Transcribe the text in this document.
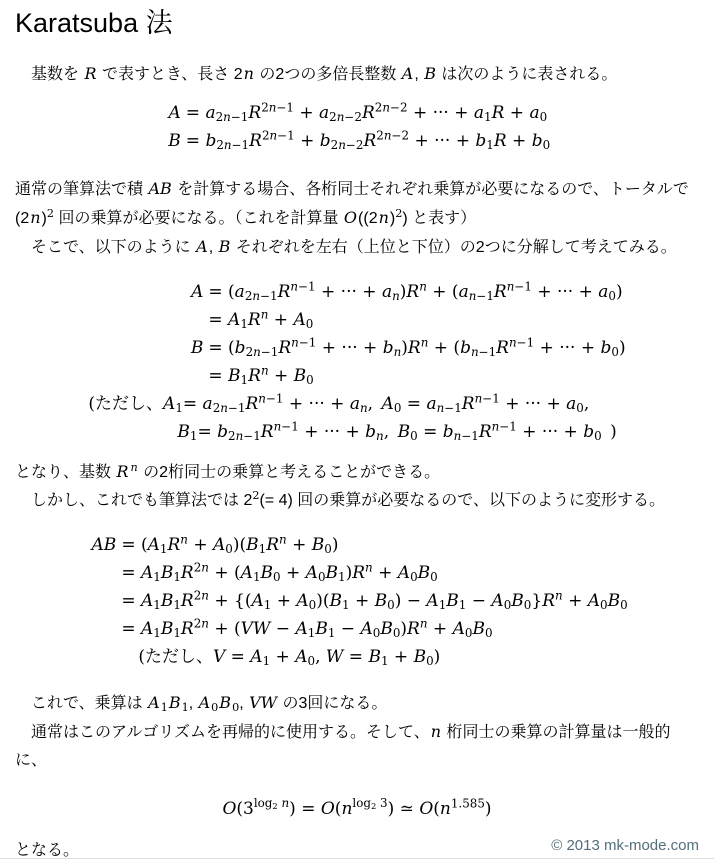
Karatsuba 法

基数を R で表すとき、長さ 2n の2つの多倍長整数 A, B は次のように表される。

$A = a_{2n-1}R^{2n-1} + a_{2n-2}R^{2n-2}$ + ··· + $a_1R + a_0$
$B = b_{2n-1}R^{2n-1} + b_{2n-2}R^{2n-2}$ + ··· + $b_1R + b_0$

通常の筆算法で積 AB を計算する場合、各桁同士それぞれ乗算が必要になるので、トータルで $(2n)^2$ 回の乗算が必要になる。（これを計算量 $O((2n)^2)$ と表す）

そこで、以下のように A, B それぞれを左右（上位と下位）の2つに分解して考えてみる。

$A = (a_{2n-1}R^{n-1}$ + ··· + $a_n)R^n + (a_{n-1}R^{n-1}$ + ··· + $a_0$)
= $A_1R^n + A_0$
$B = (b_{2n-1}R^{n-1}$ + ··· + $b_n)R^n + (b_{n-1}R^{n-1}$ + ··· + $b_0$)
= $B_1R^n + B_0$
(ただし、$A_1= a_{2n-1}R^{n-1}$ + ··· + $a_n$, $A_0 = a_{n-1}R^{n-1}$ + ··· + $a_0$,
$B_1= b_{2n-1}R^{n-1}$ + ··· + $b_n$, $B_0 = b_{n-1}R^{n-1}$ + ··· + $b_0$ )

となり、基数 R $^n$ の2桁同士の乗算と考えることができる。

しかし、これでも筆算法では $2^2(= 4)$ 回の乗算が必要なるので、以下のように変形する。

AB = $(A_1R^n + A_0)(B_1R^n + B_0)$
= $A_1B_1R^{2n} + (A_1B_0 + A_0B_1)R^n + A_0B_0$
= $A_1B_1R^{2n} + \{(A_1 + A_0)(B_1 + B_0) - A_1B_1 - A_0B_0\}R^n + A_0B_0$
= $A_1B_1R^{2n} + (VW - A_1B_1 - A_0B_0)R^n + A_0B_0$
(ただし、$V = A_1 + A_0$, $W = B_1 + B_0$)

これで、乗算は $A_1B_1$, $A_0B_0$, VW の3回になる。

通常はこのアルゴリズムを再帰的に使用する。そして、n 桁同士の乗算の計算量は一般的に、

$O(3^{log_2 n}) = O(n^{log_2 3})$ ≃ $O(n^{1.585})$

となる。	© 2013 mk-mode.com
